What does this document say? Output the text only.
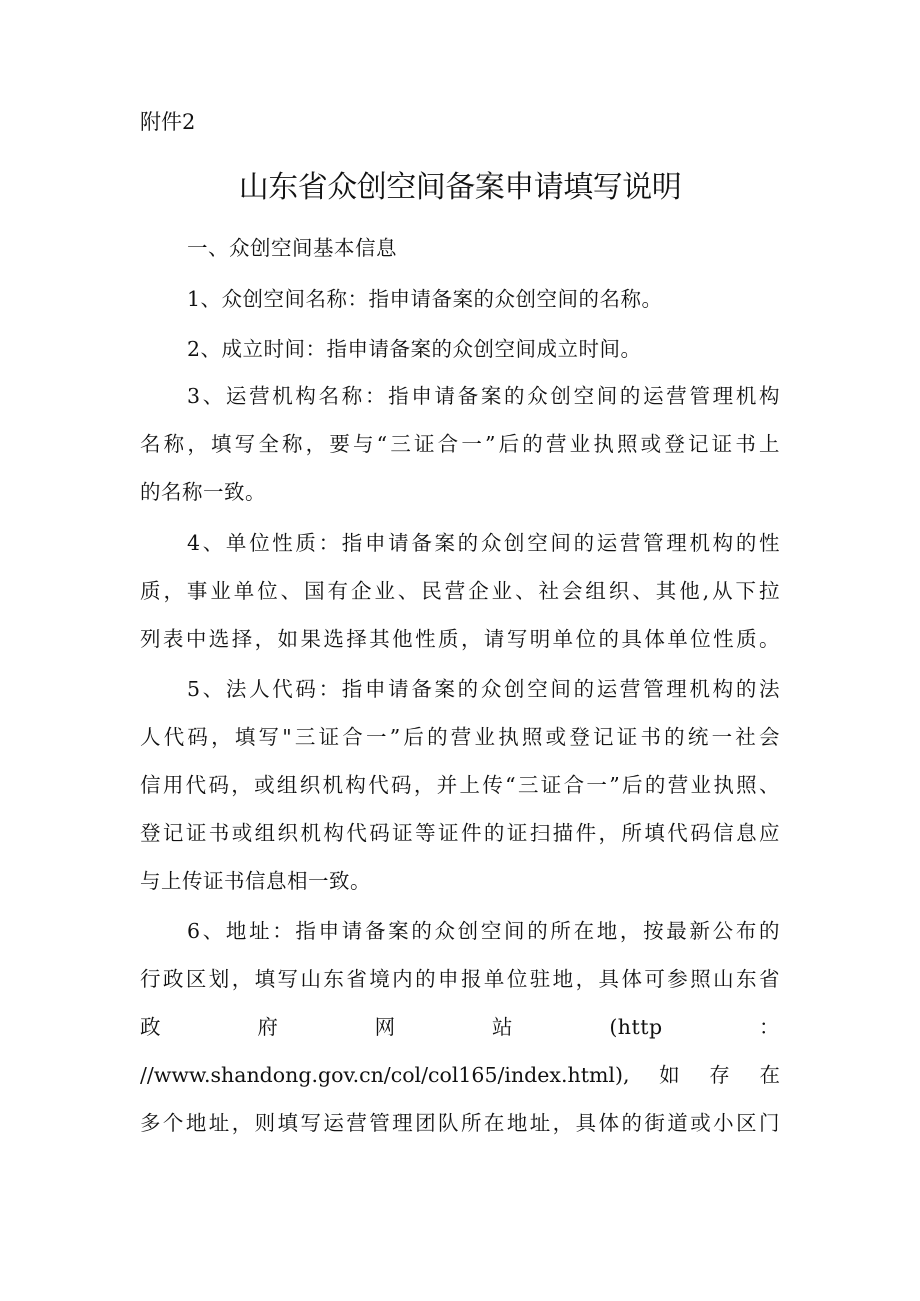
附件2
山东省众创空间备案申请填写说明
一、众创空间基本信息
1、众创空间名称：指申请备案的众创空间的名称。
2、成立时间：指申请备案的众创空间成立时间。
3、运营机构名称：指申请备案的众创空间的运营管理机构
名称，填写全称，要与“三证合一”后的营业执照或登记证书上
的名称一致。
4、单位性质：指申请备案的众创空间的运营管理机构的性
质，事业单位、国有企业、民营企业、社会组织、其他,从下拉
列表中选择，如果选择其他性质，请写明单位的具体单位性质。
5、法人代码：指申请备案的众创空间的运营管理机构的法
人代码，填写"三证合一”后的营业执照或登记证书的统一社会
信用代码，或组织机构代码，并上传“三证合一”后的营业执照、
登记证书或组织机构代码证等证件的证扫描件，所填代码信息应
与上传证书信息相一致。
6、地址：指申请备案的众创空间的所在地，按最新公布的
行政区划，填写山东省境内的申报单位驻地，具体可参照山东省
政	府	网	站	(http	：
//www.shandong.gov.cn/col/col165/index.html),如存在
多个地址，则填写运营管理团队所在地址，具体的街道或小区门
